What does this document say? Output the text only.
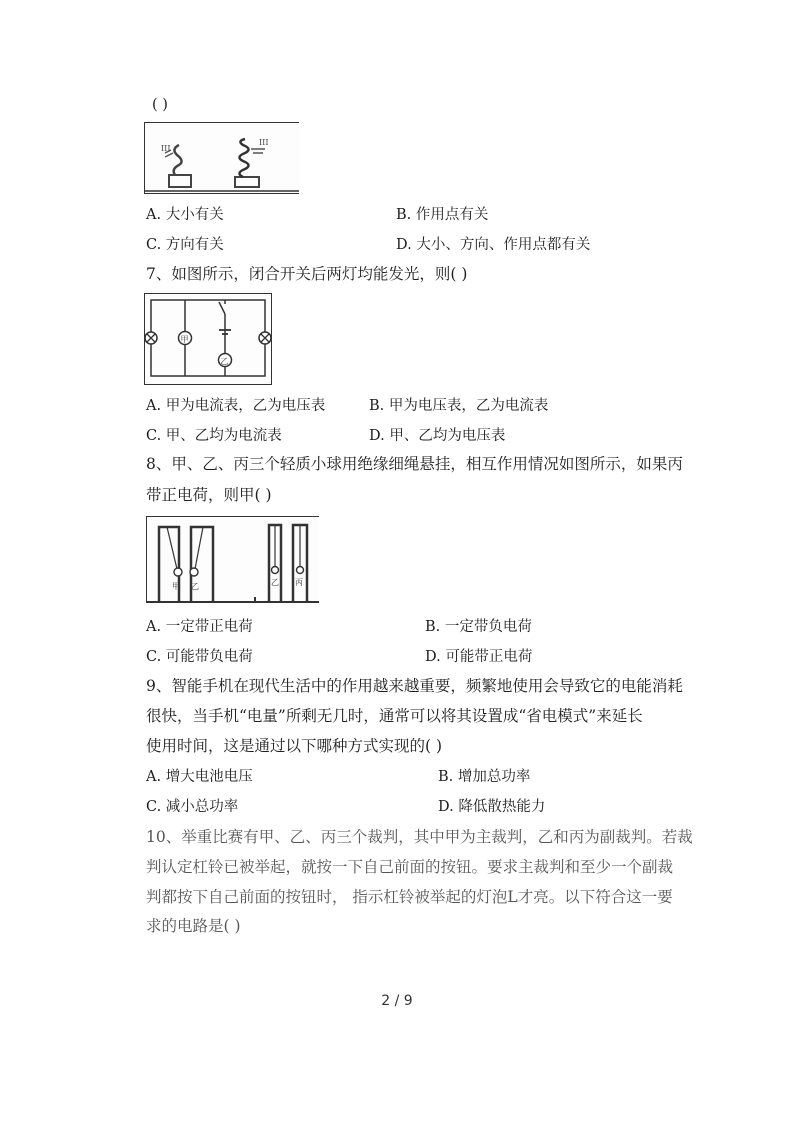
( )
III
III
A. 大小有关	B. 作用点有关
C. 方向有关	D. 大小、方向、作用点都有关
7、如图所示，闭合开关后两灯均能发光，则( )
甲
乙
A. 甲为电流表，乙为电压表	B. 甲为电压表，乙为电流表
C. 甲、乙均为电流表	D. 甲、乙均为电压表
8、甲、乙、丙三个轻质小球用绝缘细绳悬挂，相互作用情况如图所示，如果丙
带正电荷，则甲( )
甲 乙	乙 丙
A. 一定带正电荷	B. 一定带负电荷
C. 可能带负电荷	D. 可能带正电荷
9、智能手机在现代生活中的作用越来越重要，频繁地使用会导致它的电能消耗
很快，当手机“电量”所剩无几时，通常可以将其设置成“省电模式”来延长
使用时间，这是通过以下哪种方式实现的( )
A. 增大电池电压	B. 增加总功率
C. 减小总功率	D. 降低散热能力
10、举重比赛有甲、乙、丙三个裁判，其中甲为主裁判，乙和丙为副裁判。若裁
判认定杠铃已被举起，就按一下自己前面的按钮。要求主裁判和至少一个副裁
判都按下自己前面的按钮时， 指示杠铃被举起的灯泡L才亮。以下符合这一要
求的电路是( )
2 / 9
